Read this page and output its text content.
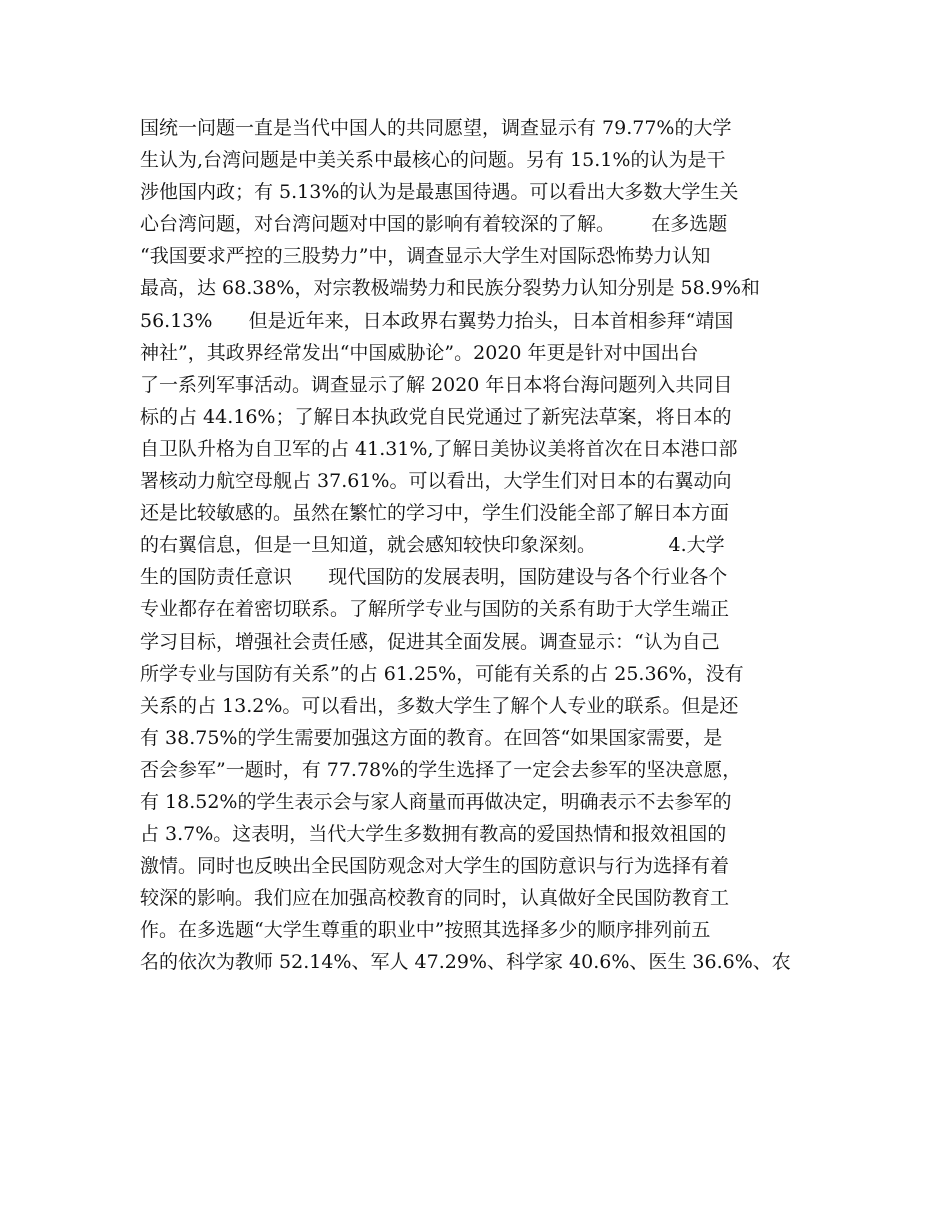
国统一问题一直是当代中国人的共同愿望，调查显示有 79.77%的大学
生认为,台湾问题是中美关系中最核心的问题。另有 15.1%的认为是干
涉他国内政；有 5.13%的认为是最惠国待遇。可以看出大多数大学生关
心台湾问题，对台湾问题对中国的影响有着较深的了解。      在多选题
“我国要求严控的三股势力”中，调查显示大学生对国际恐怖势力认知
最高，达 68.38%，对宗教极端势力和民族分裂势力认知分别是 58.9%和
56.13%      但是近年来，日本政界右翼势力抬头，日本首相参拜“靖国
神社”，其政界经常发出“中国威胁论”。2020 年更是针对中国出台
了一系列军事活动。调查显示了解 2020 年日本将台海问题列入共同目
标的占 44.16%；了解日本执政党自民党通过了新宪法草案，将日本的
自卫队升格为自卫军的占 41.31%,了解日美协议美将首次在日本港口部
署核动力航空母舰占 37.61%。可以看出，大学生们对日本的右翼动向
还是比较敏感的。虽然在繁忙的学习中，学生们没能全部了解日本方面
的右翼信息，但是一旦知道，就会感知较快印象深刻。            4.大学
生的国防责任意识      现代国防的发展表明，国防建设与各个行业各个
专业都存在着密切联系。了解所学专业与国防的关系有助于大学生端正
学习目标，增强社会责任感，促进其全面发展。调查显示：“认为自己
所学专业与国防有关系”的占 61.25%，可能有关系的占 25.36%，没有
关系的占 13.2%。可以看出，多数大学生了解个人专业的联系。但是还
有 38.75%的学生需要加强这方面的教育。在回答“如果国家需要，是
否会参军”一题时，有 77.78%的学生选择了一定会去参军的坚决意愿，
有 18.52%的学生表示会与家人商量而再做决定，明确表示不去参军的
占 3.7%。这表明，当代大学生多数拥有教高的爱国热情和报效祖国的
激情。同时也反映出全民国防观念对大学生的国防意识与行为选择有着
较深的影响。我们应在加强高校教育的同时，认真做好全民国防教育工
作。在多选题“大学生尊重的职业中”按照其选择多少的顺序排列前五
名的依次为教师 52.14%、军人 47.29%、科学家 40.6%、医生 36.6%、农
